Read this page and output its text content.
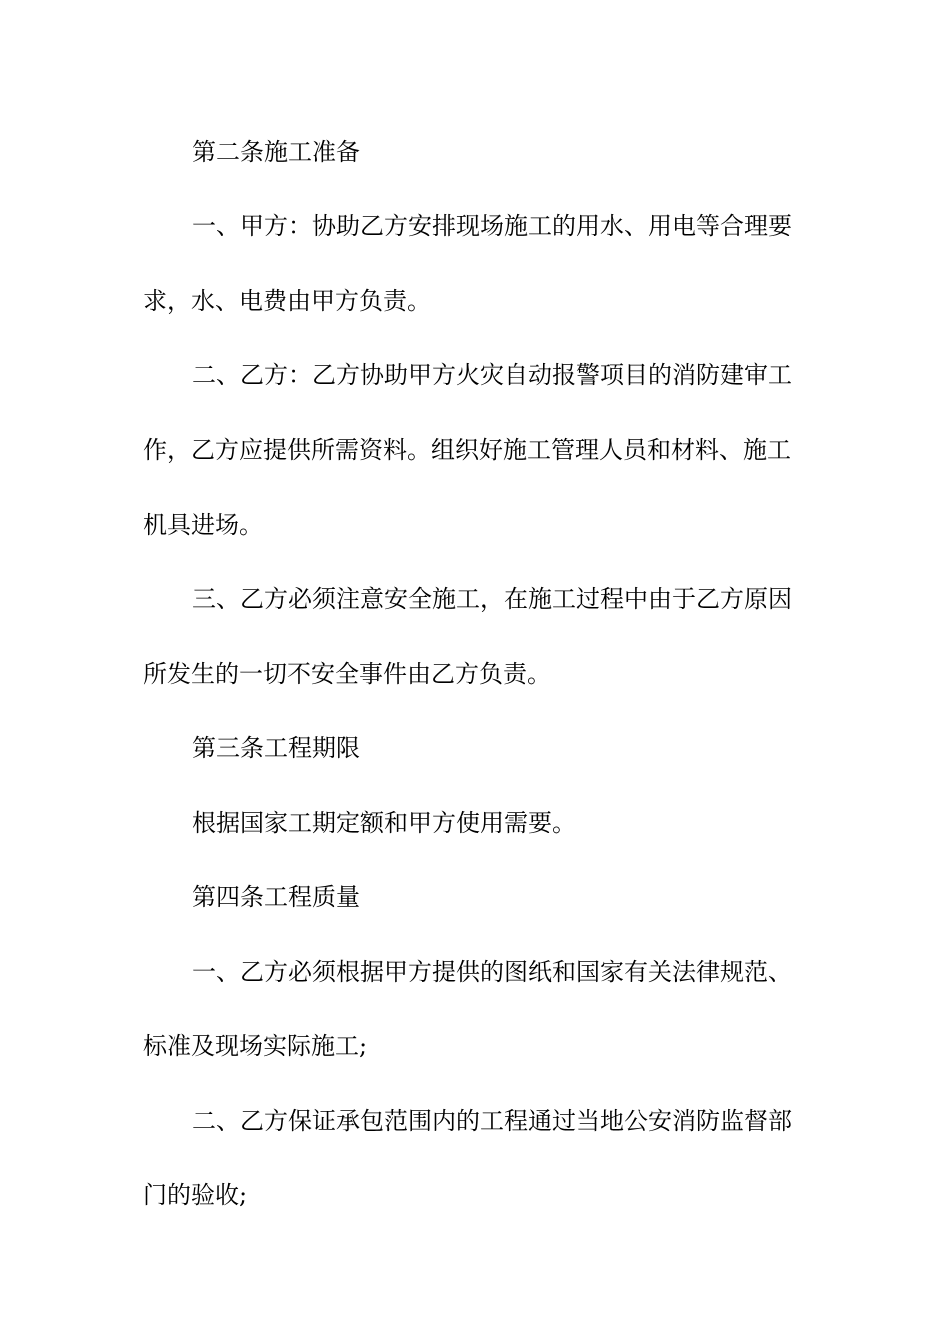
第二条施工准备
一、甲方：协助乙方安排现场施工的用水、用电等合理要
求，水、电费由甲方负责。
二、乙方：乙方协助甲方火灾自动报警项目的消防建审工
作，乙方应提供所需资料。组织好施工管理人员和材料、施工
机具进场。
三、乙方必须注意安全施工，在施工过程中由于乙方原因
所发生的一切不安全事件由乙方负责。
第三条工程期限
根据国家工期定额和甲方使用需要。
第四条工程质量
一、乙方必须根据甲方提供的图纸和国家有关法律规范、
标准及现场实际施工;
二、乙方保证承包范围内的工程通过当地公安消防监督部
门的验收;
